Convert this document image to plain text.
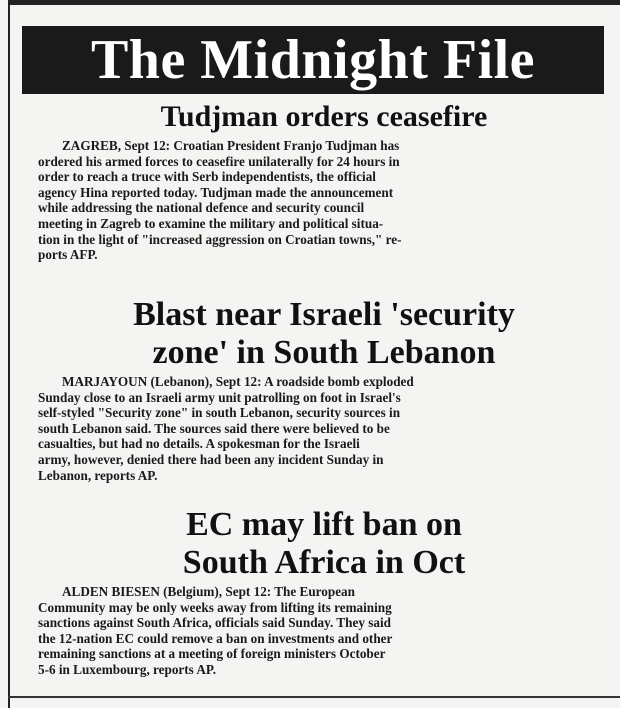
The Midnight File

Tudjman orders ceasefire

ZAGREB, Sept 12: Croatian President Franjo Tudjman has
ordered his armed forces to ceasefire unilaterally for 24 hours in
order to reach a truce with Serb independentists, the official
agency Hina reported today. Tudjman made the announcement
while addressing the national defence and security council
meeting in Zagreb to examine the military and political situa-
tion in the light of "increased aggression on Croatian towns," re-
ports AFP.

Blast near Israeli 'security
zone' in South Lebanon

MARJAYOUN (Lebanon), Sept 12: A roadside bomb exploded
Sunday close to an Israeli army unit patrolling on foot in Israel's
self-styled "Security zone" in south Lebanon, security sources in
south Lebanon said. The sources said there were believed to be
casualties, but had no details. A spokesman for the Israeli
army, however, denied there had been any incident Sunday in
Lebanon, reports AP.

EC may lift ban on
South Africa in Oct

ALDEN BIESEN (Belgium), Sept 12: The European
Community may be only weeks away from lifting its remaining
sanctions against South Africa, officials said Sunday. They said
the 12-nation EC could remove a ban on investments and other
remaining sanctions at a meeting of foreign ministers October
5-6 in Luxembourg, reports AP.
